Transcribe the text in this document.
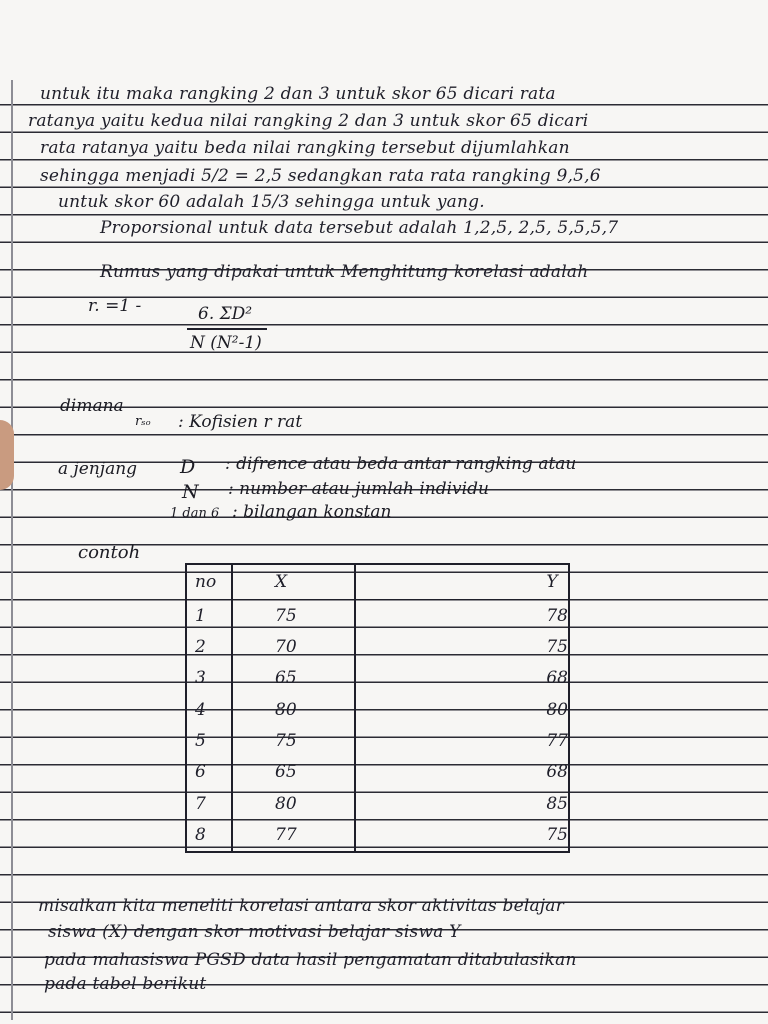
untuk itu maka rangking 2 dan 3 untuk skor 65 dicari rata
ratanya yaitu kedua nilai rangking 2 dan 3 untuk skor 65 dicari
rata ratanya yaitu beda nilai rangking tersebut dijumlahkan
sehingga menjadi 5/2 = 2,5 sedangkan rata rata rangking 9,5,6
untuk skor 60 adalah 15/3 sehingga untuk yang.
Proporsional untuk data tersebut adalah 1,2,5, 2,5, 5,5,5,7
Rumus yang dipakai untuk Menghitung korelasi adalah
r. =1 -	6. ΣD²
N (N²-1)
dimana
rₛₒ : Kofisien r rat
a jenjang D : difrence atau beda antar rangking atau
N : number atau jumlah individu
1 dan 6 : bilangan konstan
contoh
no	X	Y
1	75	78
2	70	75
3	65	68
4	80	80
5	75	77
6	65	68
7	80	85
8	77	75
misalkan kita meneliti korelasi antara skor aktivitas belajar
siswa (X) dengan skor motivasi belajar siswa Y
pada mahasiswa PGSD data hasil pengamatan ditabulasikan
pada tabel berikut
